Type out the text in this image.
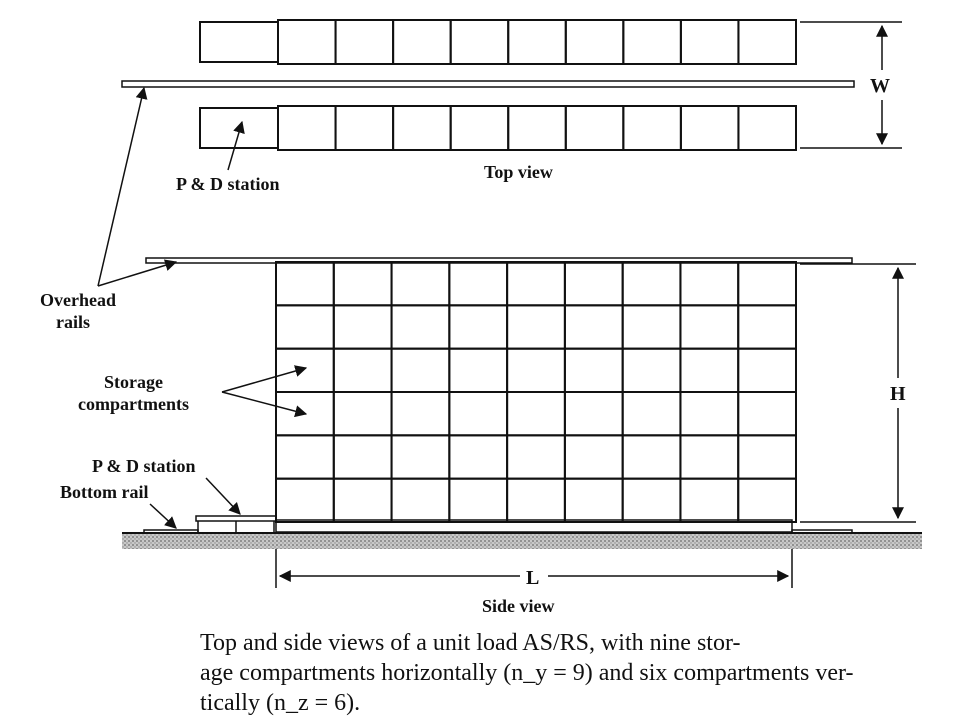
W
Top view
P & D station
H
L
Side view
Overhead
rails
Storage
compartments
P & D station
Bottom rail

Top and side views of a unit load AS/RS, with nine stor-

age compartments horizontally (n_y = 9) and six compartments ver-

tically (n_z = 6).
